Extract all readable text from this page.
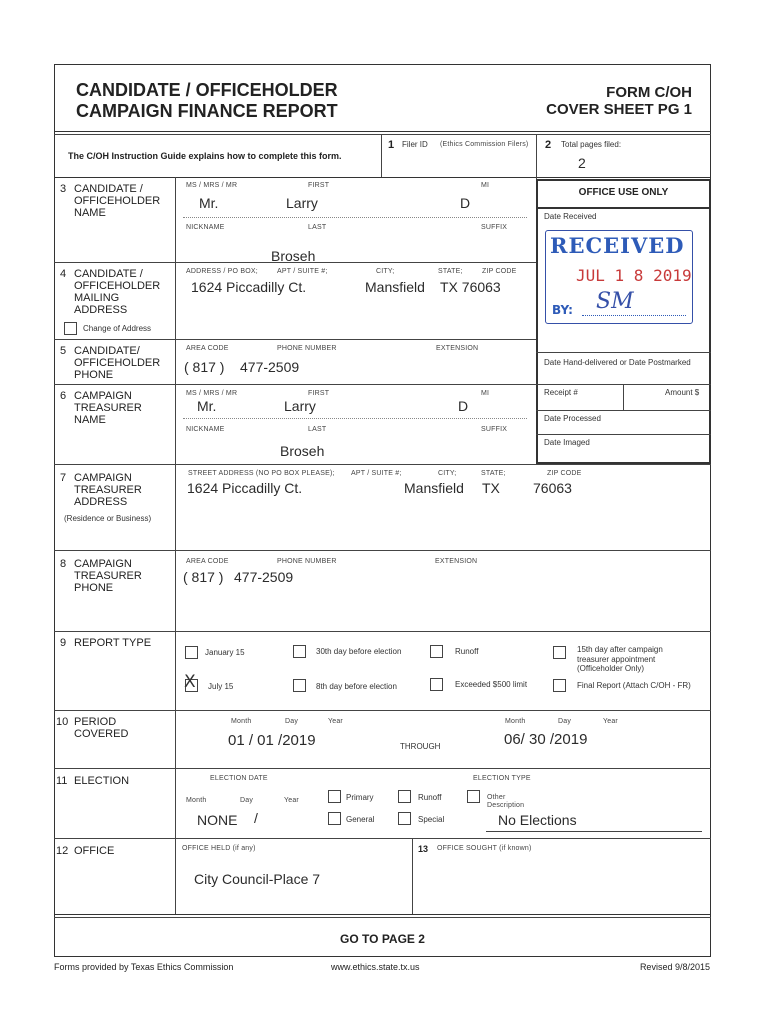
CANDIDATE / OFFICEHOLDER
CAMPAIGN FINANCE REPORT
FORM C/OH
COVER SHEET PG 1
The C/OH Instruction Guide explains how to complete this form.
1 Filer ID (Ethics Commission Filers) 2 Total pages filed:
2
OFFICE USE ONLY
Date Received
Date Hand-delivered or Date Postmarked
Receipt #	Amount $
Date Processed
Date Imaged
RECEIVED
JUL 1 8 2019
BY: SM
3 CANDIDATE /
OFFICEHOLDER
NAME
MS / MRS / MR	FIRST	MI
Mr.	Larry	D
NICKNAME	LAST	SUFFIX
Broseh
4 CANDIDATE /
OFFICEHOLDER
MAILING
ADDRESS
Change of Address
ADDRESS / PO BOX;	APT / SUITE #;	CITY;	STATE;	ZIP CODE
1624 Piccadilly Ct.	Mansfield TX 76063
5 CANDIDATE/
OFFICEHOLDER
PHONE
AREA CODE	PHONE NUMBER	EXTENSION
( 817 ) 477-2509
6 CAMPAIGN
TREASURER
NAME
MS / MRS / MR	FIRST	MI
Mr.	Larry	D
NICKNAME	LAST	SUFFIX
Broseh
7 CAMPAIGN
TREASURER
ADDRESS
(Residence or Business)
STREET ADDRESS (NO PO BOX PLEASE); APT / SUITE #;	CITY;	STATE;	ZIP CODE
1624 Piccadilly Ct.	Mansfield TX 76063
8 CAMPAIGN
TREASURER
PHONE
AREA CODE	PHONE NUMBER	EXTENSION
( 817 ) 477-2509
9 REPORT TYPE
January 15	30th day before election	Runoff	15th day after campaign
treasurer appointment
(Officeholder Only)
X July 15	8th day before election	Exceeded $500 limit	Final Report (Attach C/OH - FR)
10 PERIOD
COVERED
Month	Day	Year
01 / 01 /2019	THROUGH
Month	Day	Year
06/ 30 /2019
11 ELECTION	ELECTION DATE	ELECTION TYPE
Month	Day	Year	Primary	Runoff	Other
Description
General	Special
NONE /	No Elections
12 OFFICE	OFFICE HELD (if any)
City Council-Place 7
13 OFFICE SOUGHT (if known)
GO TO PAGE 2
Forms provided by Texas Ethics Commission	www.ethics.state.tx.us	Revised 9/8/2015
